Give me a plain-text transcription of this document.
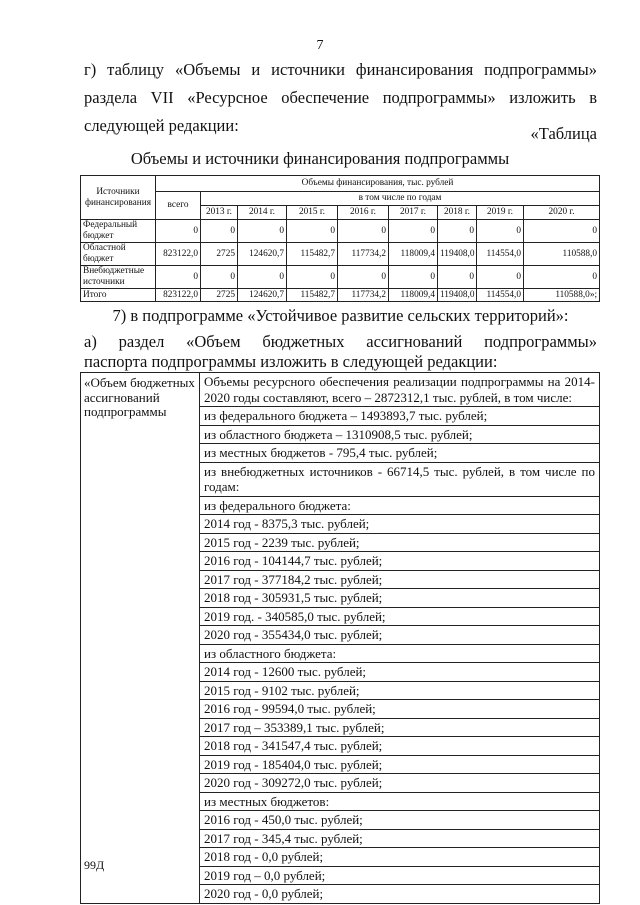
7
г) таблицу «Объемы и источники финансирования подпрограммы»
раздела VII «Ресурсное обеспечение подпрограммы» изложить в
следующей редакции:	«Таблица
Объемы и источники финансирования подпрограммы
Источники финансирования	Объемы финансирования, тыс. рублей								
	всего	в том числе по годам							
		2013 г.	2014 г.	2015 г.	2016 г.	2017 г.	2018 г.	2019 г.	2020 г.
Федеральный бюджет	0	0	0	0	0	0	0	0	0
Областной бюджет	823122,0	2725	124620,7	115482,7	117734,2	118009,4	119408,0	114554,0	110588,0
Внебюджетные источники	0	0	0	0	0	0	0	0	0
Итого	823122,0	2725	124620,7	115482,7	117734,2	118009,4	119408,0	114554,0	110588,0»;
7) в подпрограмме «Устойчивое развитие сельских территорий»:
а) раздел «Объем бюджетных ассигнований подпрограммы»
паспорта подпрограммы изложить в следующей редакции:
«Объем бюджетных ассигнований подпрограммы	
Объемы ресурсного обеспечения реализации подпрограммы на 2014-2020 годы составляют, всего – 2872312,1 тыс. рублей, в том числе:
из федерального бюджета – 1493893,7 тыс. рублей;
из областного бюджета – 1310908,5 тыс. рублей;
из местных бюджетов - 795,4 тыс. рублей;
из внебюджетных источников - 66714,5 тыс. рублей, в том числе по годам:
из федерального бюджета:
2014 год - 8375,3 тыс. рублей;
2015 год - 2239 тыс. рублей;
2016 год - 104144,7 тыс. рублей;
2017 год - 377184,2 тыс. рублей;
2018 год - 305931,5 тыс. рублей;
2019 год. - 340585,0 тыс. рублей;
2020 год - 355434,0 тыс. рублей;
из областного бюджета:
2014 год - 12600 тыс. рублей;
2015 год - 9102 тыс. рублей;
2016 год - 99594,0 тыс. рублей;
2017 год – 353389,1 тыс. рублей;
2018 год - 341547,4 тыс. рублей;
2019 год - 185404,0 тыс. рублей;
2020 год - 309272,0 тыс. рублей;
из местных бюджетов:
2016 год - 450,0 тыс. рублей;
2017 год - 345,4 тыс. рублей;
2018 год - 0,0 рублей;
2019 год – 0,0 рублей;
2020 год - 0,0 рублей;
99Д
